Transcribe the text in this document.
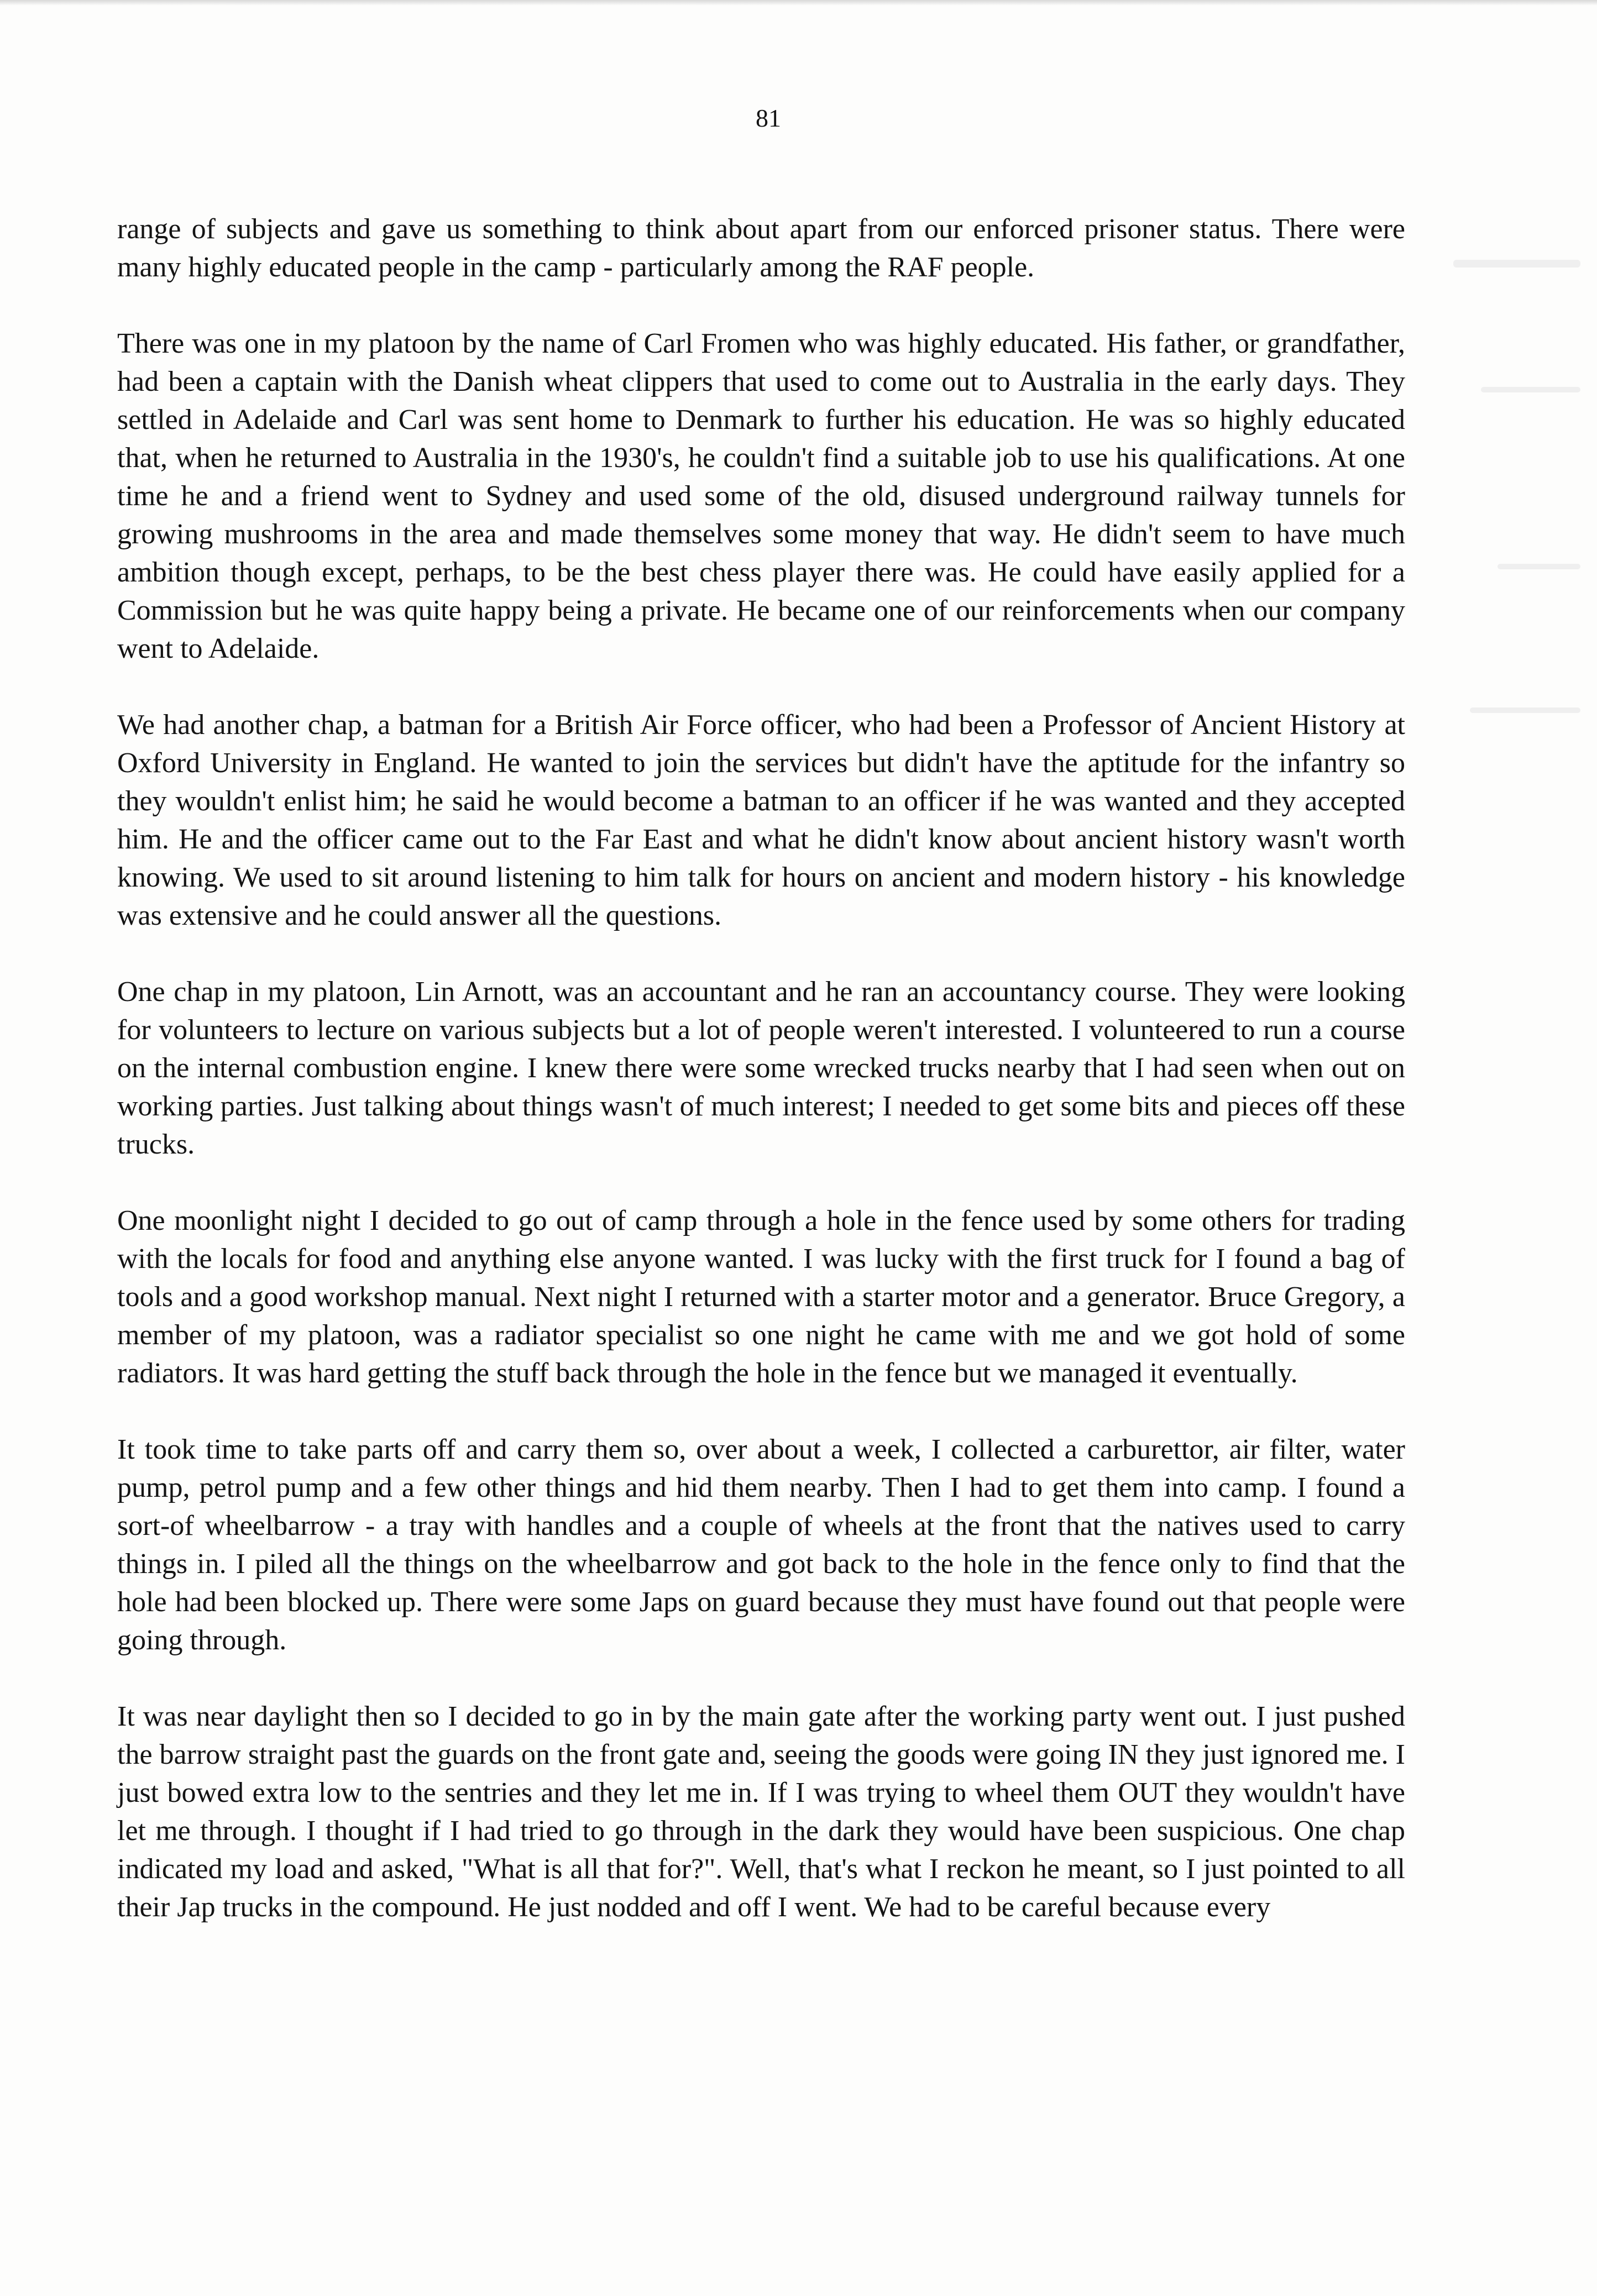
81

range of subjects and gave us something to think about apart from our enforced prisoner status. There were many highly educated people in the camp - particularly among the RAF people.

There was one in my platoon by the name of Carl Fromen who was highly educated. His father, or grandfather, had been a captain with the Danish wheat clippers that used to come out to Australia in the early days. They settled in Adelaide and Carl was sent home to Denmark to further his education. He was so highly educated that, when he returned to Australia in the 1930's, he couldn't find a suitable job to use his qualifications. At one time he and a friend went to Sydney and used some of the old, disused underground railway tunnels for growing mushrooms in the area and made themselves some money that way. He didn't seem to have much ambition though except, perhaps, to be the best chess player there was. He could have easily applied for a Commission but he was quite happy being a private. He became one of our reinforcements when our company went to Adelaide.

We had another chap, a batman for a British Air Force officer, who had been a Professor of Ancient History at Oxford University in England. He wanted to join the services but didn't have the aptitude for the infantry so they wouldn't enlist him; he said he would become a batman to an officer if he was wanted and they accepted him. He and the officer came out to the Far East and what he didn't know about ancient history wasn't worth knowing. We used to sit around listening to him talk for hours on ancient and modern history - his knowledge was extensive and he could answer all the questions.

One chap in my platoon, Lin Arnott, was an accountant and he ran an accountancy course. They were looking for volunteers to lecture on various subjects but a lot of people weren't interested. I volunteered to run a course on the internal combustion engine. I knew there were some wrecked trucks nearby that I had seen when out on working parties. Just talking about things wasn't of much interest; I needed to get some bits and pieces off these trucks.

One moonlight night I decided to go out of camp through a hole in the fence used by some others for trading with the locals for food and anything else anyone wanted. I was lucky with the first truck for I found a bag of tools and a good workshop manual. Next night I returned with a starter motor and a generator. Bruce Gregory, a member of my platoon, was a radiator specialist so one night he came with me and we got hold of some radiators. It was hard getting the stuff back through the hole in the fence but we managed it eventually.

It took time to take parts off and carry them so, over about a week, I collected a carburettor, air filter, water pump, petrol pump and a few other things and hid them nearby. Then I had to get them into camp. I found a sort-of wheelbarrow - a tray with handles and a couple of wheels at the front that the natives used to carry things in. I piled all the things on the wheelbarrow and got back to the hole in the fence only to find that the hole had been blocked up. There were some Japs on guard because they must have found out that people were going through.

It was near daylight then so I decided to go in by the main gate after the working party went out. I just pushed the barrow straight past the guards on the front gate and, seeing the goods were going IN they just ignored me. I just bowed extra low to the sentries and they let me in. If I was trying to wheel them OUT they wouldn't have let me through. I thought if I had tried to go through in the dark they would have been suspicious. One chap indicated my load and asked, "What is all that for?". Well, that's what I reckon he meant, so I just pointed to all their Jap trucks in the compound. He just nodded and off I went. We had to be careful because every
